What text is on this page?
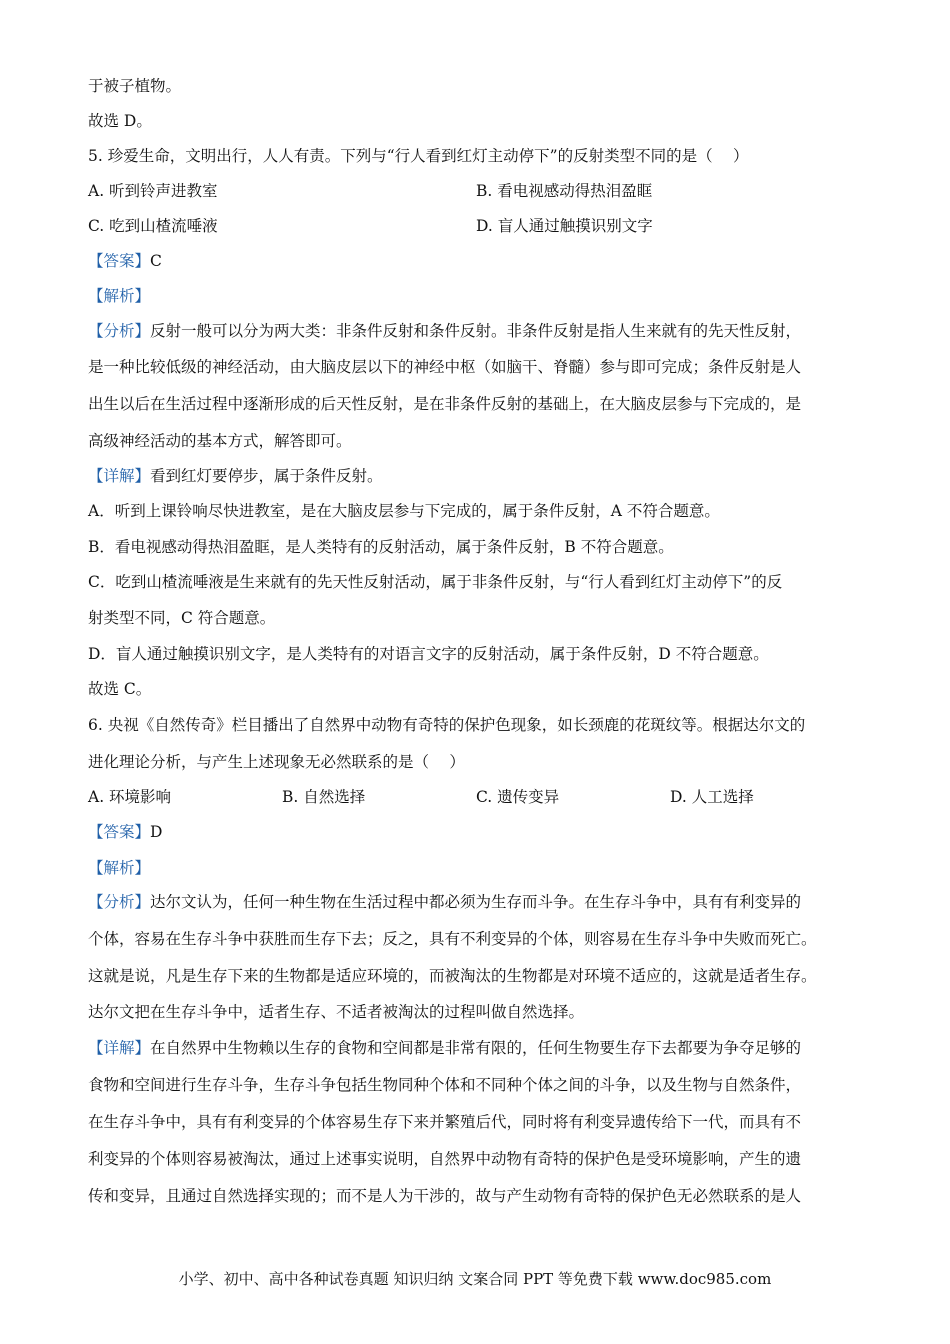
于被子植物。
故选 D。
5. 珍爱生命，文明出行，人人有责。下列与“行人看到红灯主动停下”的反射类型不同的是（　 ）
A. 听到铃声进教室	B. 看电视感动得热泪盈眶
C. 吃到山楂流唾液	D. 盲人通过触摸识别文字
【答案】C
【解析】
【分析】反射一般可以分为两大类：非条件反射和条件反射。非条件反射是指人生来就有的先天性反射，
是一种比较低级的神经活动，由大脑皮层以下的神经中枢（如脑干、脊髓）参与即可完成；条件反射是人
出生以后在生活过程中逐渐形成的后天性反射，是在非条件反射的基础上，在大脑皮层参与下完成的，是
高级神经活动的基本方式，解答即可。
【详解】看到红灯要停步，属于条件反射。
A．听到上课铃响尽快进教室，是在大脑皮层参与下完成的，属于条件反射，A 不符合题意。
B．看电视感动得热泪盈眶，是人类特有的反射活动，属于条件反射，B 不符合题意。
C．吃到山楂流唾液是生来就有的先天性反射活动，属于非条件反射，与“行人看到红灯主动停下”的反
射类型不同，C 符合题意。
D．盲人通过触摸识别文字，是人类特有的对语言文字的反射活动，属于条件反射，D 不符合题意。
故选 C。
6. 央视《自然传奇》栏目播出了自然界中动物有奇特的保护色现象，如长颈鹿的花斑纹等。根据达尔文的
进化理论分析，与产生上述现象无必然联系的是（　 ）
A. 环境影响	B. 自然选择	C. 遗传变异	D. 人工选择
【答案】D
【解析】
【分析】达尔文认为，任何一种生物在生活过程中都必须为生存而斗争。在生存斗争中，具有有利变异的
个体，容易在生存斗争中获胜而生存下去；反之，具有不利变异的个体，则容易在生存斗争中失败而死亡。
这就是说，凡是生存下来的生物都是适应环境的，而被淘汰的生物都是对环境不适应的，这就是适者生存。
达尔文把在生存斗争中，适者生存、不适者被淘汰的过程叫做自然选择。
【详解】在自然界中生物赖以生存的食物和空间都是非常有限的，任何生物要生存下去都要为争夺足够的
食物和空间进行生存斗争，生存斗争包括生物同种个体和不同种个体之间的斗争，以及生物与自然条件，
在生存斗争中，具有有利变异的个体容易生存下来并繁殖后代，同时将有利变异遗传给下一代，而具有不
利变异的个体则容易被淘汰，通过上述事实说明，自然界中动物有奇特的保护色是受环境影响，产生的遗
传和变异，且通过自然选择实现的；而不是人为干涉的，故与产生动物有奇特的保护色无必然联系的是人
小学、初中、高中各种试卷真题 知识归纳 文案合同 PPT 等免费下载 www.doc985.com
